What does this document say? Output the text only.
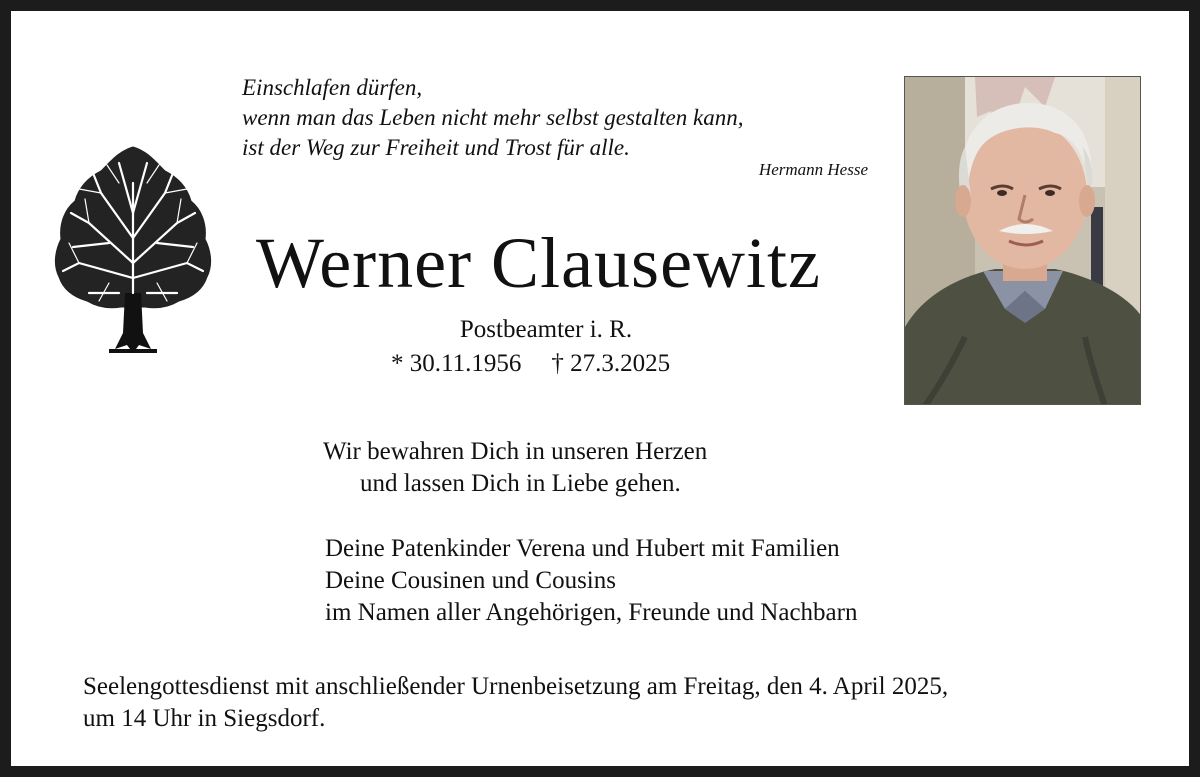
Einschlafen dürfen,
wenn man das Leben nicht mehr selbst gestalten kann,
ist der Weg zur Freiheit und Trost für alle.
Hermann Hesse
Werner Clausewitz
Postbeamter i. R.
* 30.11.1956 † 27.3.2025
Wir bewahren Dich in unseren Herzen
und lassen Dich in Liebe gehen.
Deine Patenkinder Verena und Hubert mit Familien
Deine Cousinen und Cousins
im Namen aller Angehörigen, Freunde und Nachbarn
Seelengottesdienst mit anschließender Urnenbeisetzung am Freitag, den 4. April 2025,
um 14 Uhr in Siegsdorf.
